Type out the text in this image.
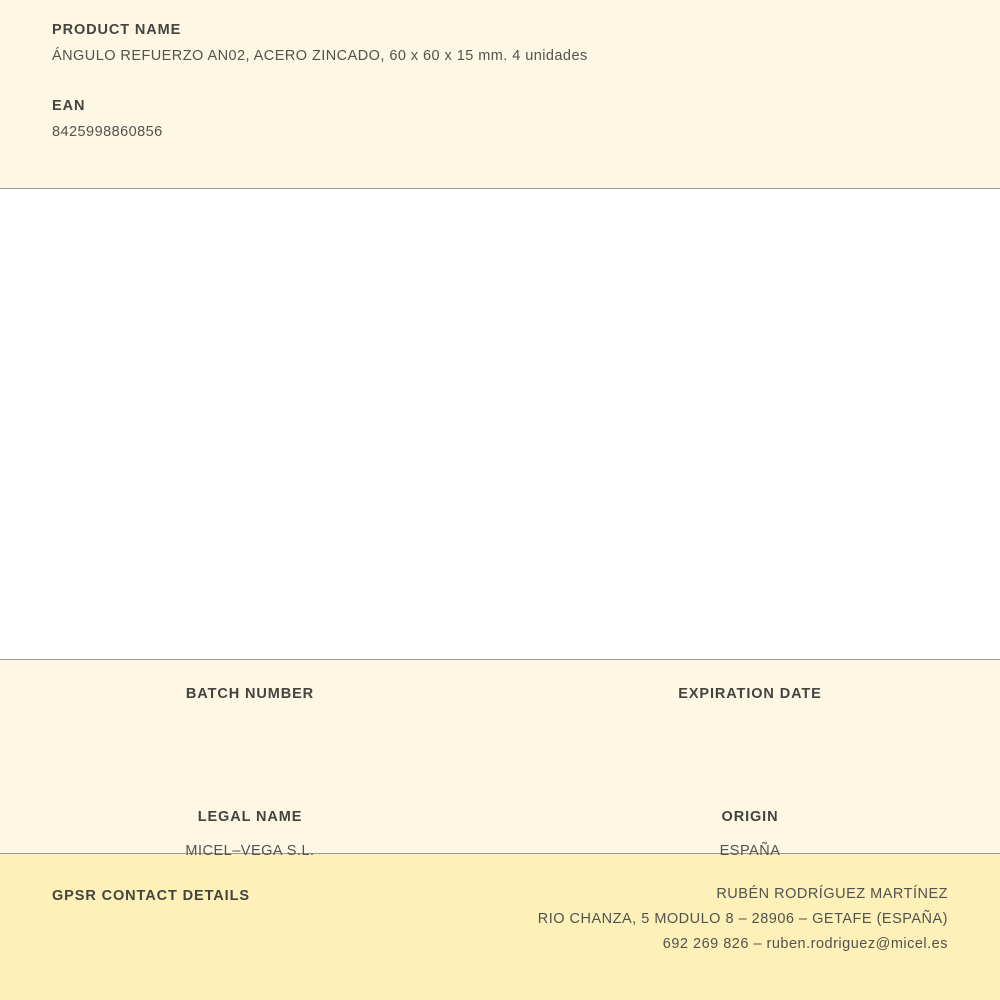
PRODUCT NAME

ÁNGULO REFUERZO AN02, ACERO ZINCADO, 60 x 60 x 15 mm. 4 unidades

EAN

8425998860856

BATCH NUMBER	EXPIRATION DATE

LEGAL NAME

MICEL–VEGA S.L.

ORIGIN

ESPAÑA

GPSR CONTACT DETAILS	RUBÉN RODRÍGUEZ MARTÍNEZ

RIO CHANZA, 5 MODULO 8 – 28906 – GETAFE (ESPAÑA)

692 269 826 – ruben.rodriguez@micel.es
